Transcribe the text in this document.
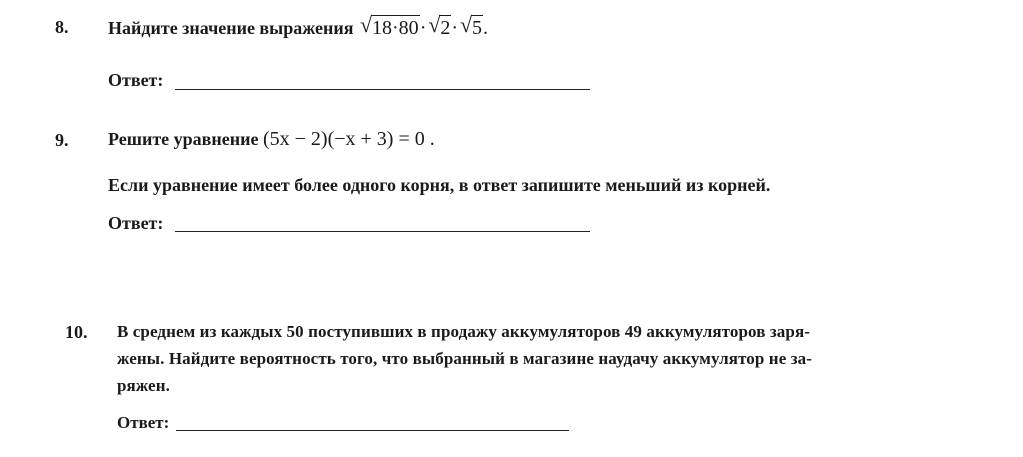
8. Найдите значение выражения √ 18·80· √ 2· √ 5.
Ответ:
9. Решите уравнение (5x − 2)(−x + 3) = 0 .
Если уравнение имеет более одного корня, в ответ запишите меньший из корней.
Ответ:
10. В среднем из каждых 50 поступивших в продажу аккумуляторов 49 аккумуляторов заря-
жены. Найдите вероятность того, что выбранный в магазине наудачу аккумулятор не за-
ряжен.
Ответ:
